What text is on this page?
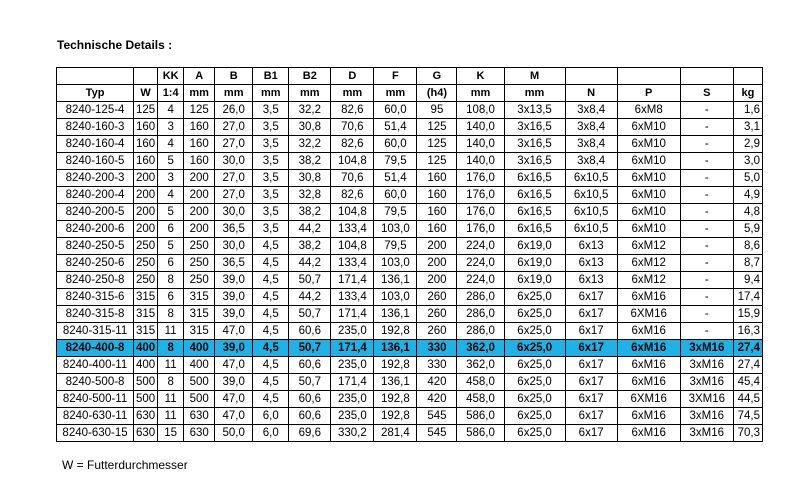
Technische Details :
		KK	A	B	B1	B2	D	F	G	K	M				
Typ	W	1:4	mm	mm	mm	mm	mm	mm	(h4)	mm	mm	N	P	S	kg
8240-125-4	125	4	125	26,0	3,5	32,2	82,6	60,0	95	108,0	3x13,5	3x8,4	6xM8	-	1,6
8240-160-3	160	3	160	27,0	3,5	30,8	70,6	51,4	125	140,0	3x16,5	3x8,4	6xM10	-	3,1
8240-160-4	160	4	160	27,0	3,5	32,2	82,6	60,0	125	140,0	3x16,5	3x8,4	6xM10	-	2,9
8240-160-5	160	5	160	30,0	3,5	38,2	104,8	79,5	125	140,0	3x16,5	3x8,4	6xM10	-	3,0
8240-200-3	200	3	200	27,0	3,5	30,8	70,6	51,4	160	176,0	6x16,5	6x10,5	6xM10	-	5,0
8240-200-4	200	4	200	27,0	3,5	32,8	82,6	60,0	160	176,0	6x16,5	6x10,5	6xM10	-	4,9
8240-200-5	200	5	200	30,0	3,5	38,2	104,8	79,5	160	176,0	6x16,5	6x10,5	6xM10	-	4,8
8240-200-6	200	6	200	36,5	3,5	44,2	133,4	103,0	160	176,0	6x16,5	6x10,5	6xM10	-	5,9
8240-250-5	250	5	250	30,0	4,5	38,2	104,8	79,5	200	224,0	6x19,0	6x13	6xM12	-	8,6
8240-250-6	250	6	250	36,5	4,5	44,2	133,4	103,0	200	224,0	6x19,0	6x13	6xM12	-	8,7
8240-250-8	250	8	250	39,0	4,5	50,7	171,4	136,1	200	224,0	6x19,0	6x13	6xM12	-	9,4
8240-315-6	315	6	315	39,0	4,5	44,2	133,4	103,0	260	286,0	6x25,0	6x17	6xM16	-	17,4
8240-315-8	315	8	315	39,0	4,5	50,7	171,4	136,1	260	286,0	6x25,0	6x17	6XM16	-	15,9
8240-315-11	315	11	315	47,0	4,5	60,6	235,0	192,8	260	286,0	6x25,0	6x17	6xM16	-	16,3
8240-400-8	400	8	400	39,0	4,5	50,7	171,4	136,1	330	362,0	6x25,0	6x17	6xM16	3xM16	27,4
8240-400-11	400	11	400	47,0	4,5	60,6	235,0	192,8	330	362,0	6x25,0	6x17	6xM16	3xM16	27,4
8240-500-8	500	8	500	39,0	4,5	50,7	171,4	136,1	420	458,0	6x25,0	6x17	6xM16	3xM16	45,4
8240-500-11	500	11	500	47,0	4,5	60,6	235,0	192,8	420	458,0	6x25,0	6x17	6XM16	3XM16	44,5
8240-630-11	630	11	630	47,0	6,0	60,6	235,0	192,8	545	586,0	6x25,0	6x17	6xM16	3xM16	74,5
8240-630-15	630	15	630	50,0	6,0	69,6	330,2	281,4	545	586,0	6x25,0	6x17	6xM16	3xM16	70,3
W = Futterdurchmesser
